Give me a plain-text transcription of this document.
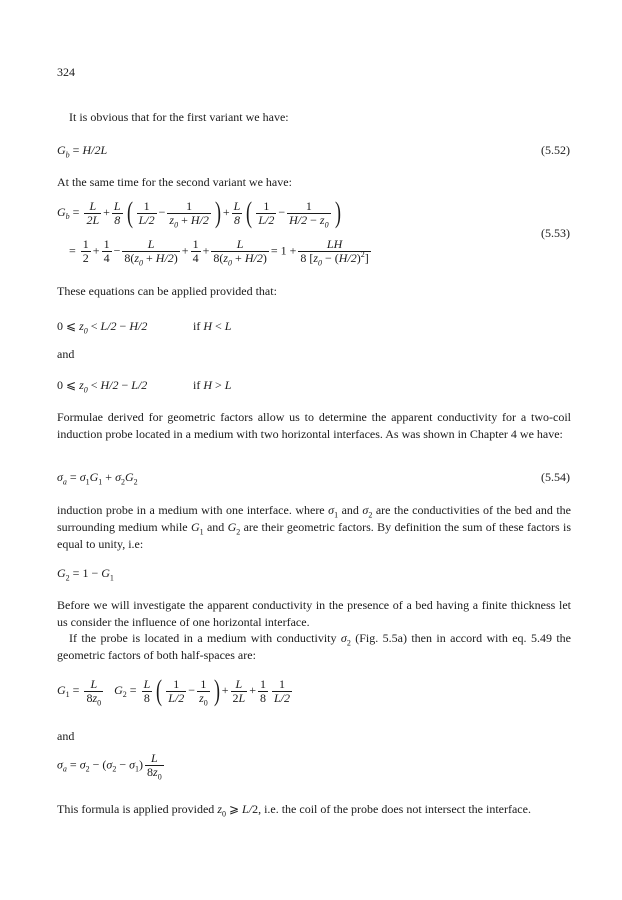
324
It is obvious that for the first variant we have:
$G_b = H/2L$	(5.52)
At the same time for the second variant we have:
$G_b = \frac{L}{2L} + \frac{L}{8}$ ( $\frac{1}{L/2} - \frac{1}{z_0 + H/2}$ ) + $\frac{L}{8}$ ( $\frac{1}{L/2} - \frac{1}{H/2 - z_0}$ )
= $\frac{1}{2} + \frac{1}{4} - \frac{L}{8(z_0 + H/2)} + \frac{1}{4} + \frac{L}{8(z_0 + H/2)} = 1 + \frac{LH}{8 [z_0 - (H/2)^2]}$
(5.53)
These equations can be applied provided that:
0 ⩽ $z_0 < L/2 - H/2$	if H < L
and
0 ⩽ $z_0 < H/2 - L/2$	if H > L
Formulae derived for geometric factors allow us to determine the apparent conductivity for a two-coil induction probe located in a medium with two horizontal interfaces. As was shown in Chapter 4 we have:
$\sigma_a = \sigma_1G_1 + \sigma_2G_2$	(5.54)
induction probe in a medium with one interface. where $\sigma_1$ and $\sigma_2$ are the conductivities of the bed and the surrounding medium while $G_1$ and $G_2$ are their geometric factors. By definition the sum of these factors is equal to unity, i.e:
$G_2 = 1 - G_1$
Before we will investigate the apparent conductivity in the presence of a bed having a finite thickness let us consider the influence of one horizontal interface.
If the probe is located in a medium with conductivity $\sigma_2$ (Fig. 5.5a) then in accord with eq. 5.49 the geometric factors of both half-spaces are:
$G_1 = \frac{L}{8z_0} G_2 = \frac{L}{8}$ ( $\frac{1}{L/2} - \frac{1}{z_0}$ ) + $\frac{L}{2L} + \frac{1}{8} \frac{1}{L/2}$
and
$\sigma_a = \sigma_2 - (\sigma_2 - \sigma_1) \frac{L}{8z_0}$
This formula is applied provided $z_0$ ⩾ L/2, i.e. the coil of the probe does not intersect the interface.
